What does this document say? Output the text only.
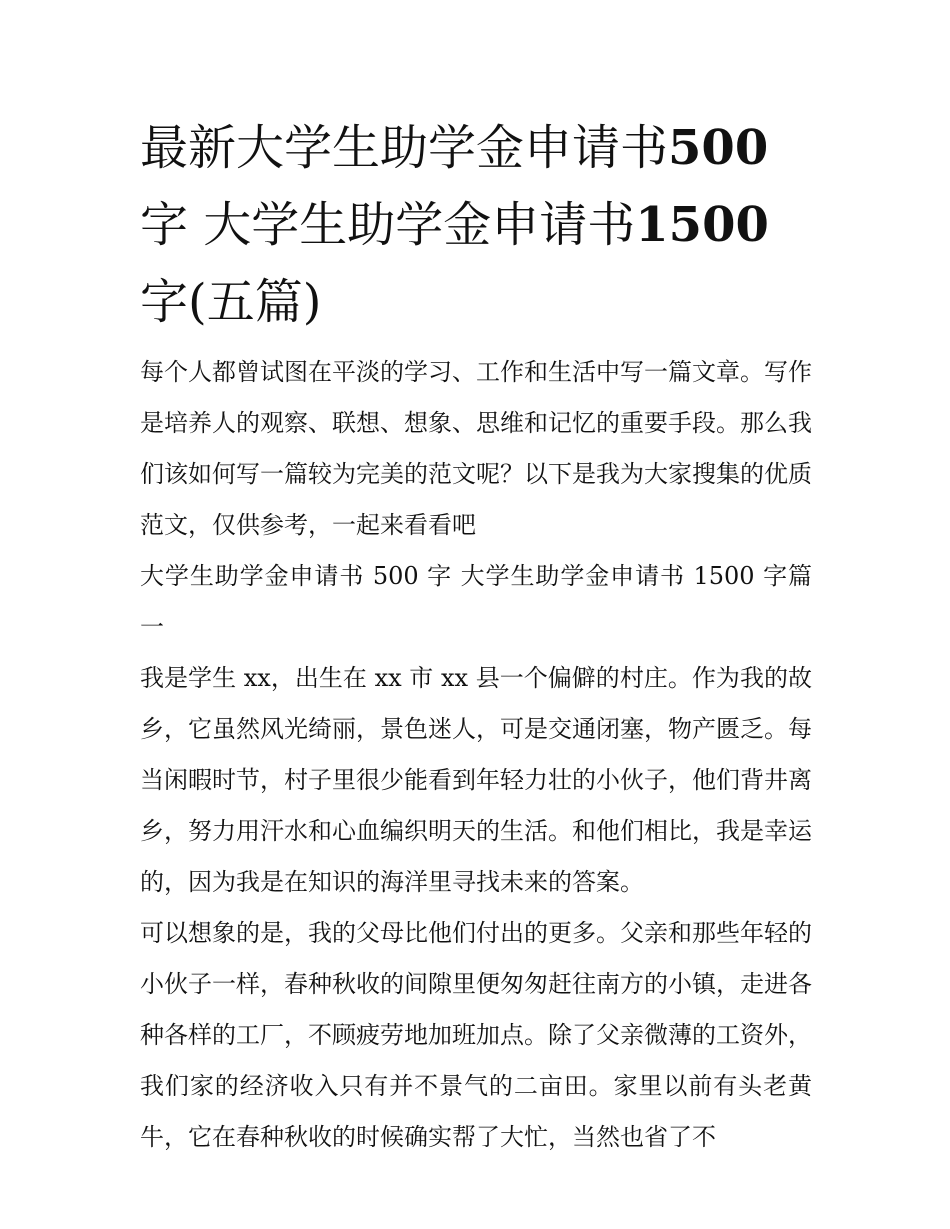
最新大学生助学金申请书500
字 大学生助学金申请书1500
字(五篇)

每个人都曾试图在平淡的学习、工作和生活中写一篇文章。写作是培养人的观察、联想、想象、思维和记忆的重要手段。那么我们该如何写一篇较为完美的范文呢？以下是我为大家搜集的优质范文，仅供参考，一起来看看吧

大学生助学金申请书 500 字 大学生助学金申请书 1500 字篇一

我是学生 xx，出生在 xx 市 xx 县一个偏僻的村庄。作为我的故乡，它虽然风光绮丽，景色迷人，可是交通闭塞，物产匮乏。每当闲暇时节，村子里很少能看到年轻力壮的小伙子，他们背井离乡，努力用汗水和心血编织明天的生活。和他们相比，我是幸运的，因为我是在知识的海洋里寻找未来的答案。

可以想象的是，我的父母比他们付出的更多。父亲和那些年轻的小伙子一样，春种秋收的间隙里便匆匆赶往南方的小镇，走进各种各样的工厂，不顾疲劳地加班加点。除了父亲微薄的工资外，我们家的经济收入只有并不景气的二亩田。家里以前有头老黄牛，它在春种秋收的时候确实帮了大忙，当然也省了不
